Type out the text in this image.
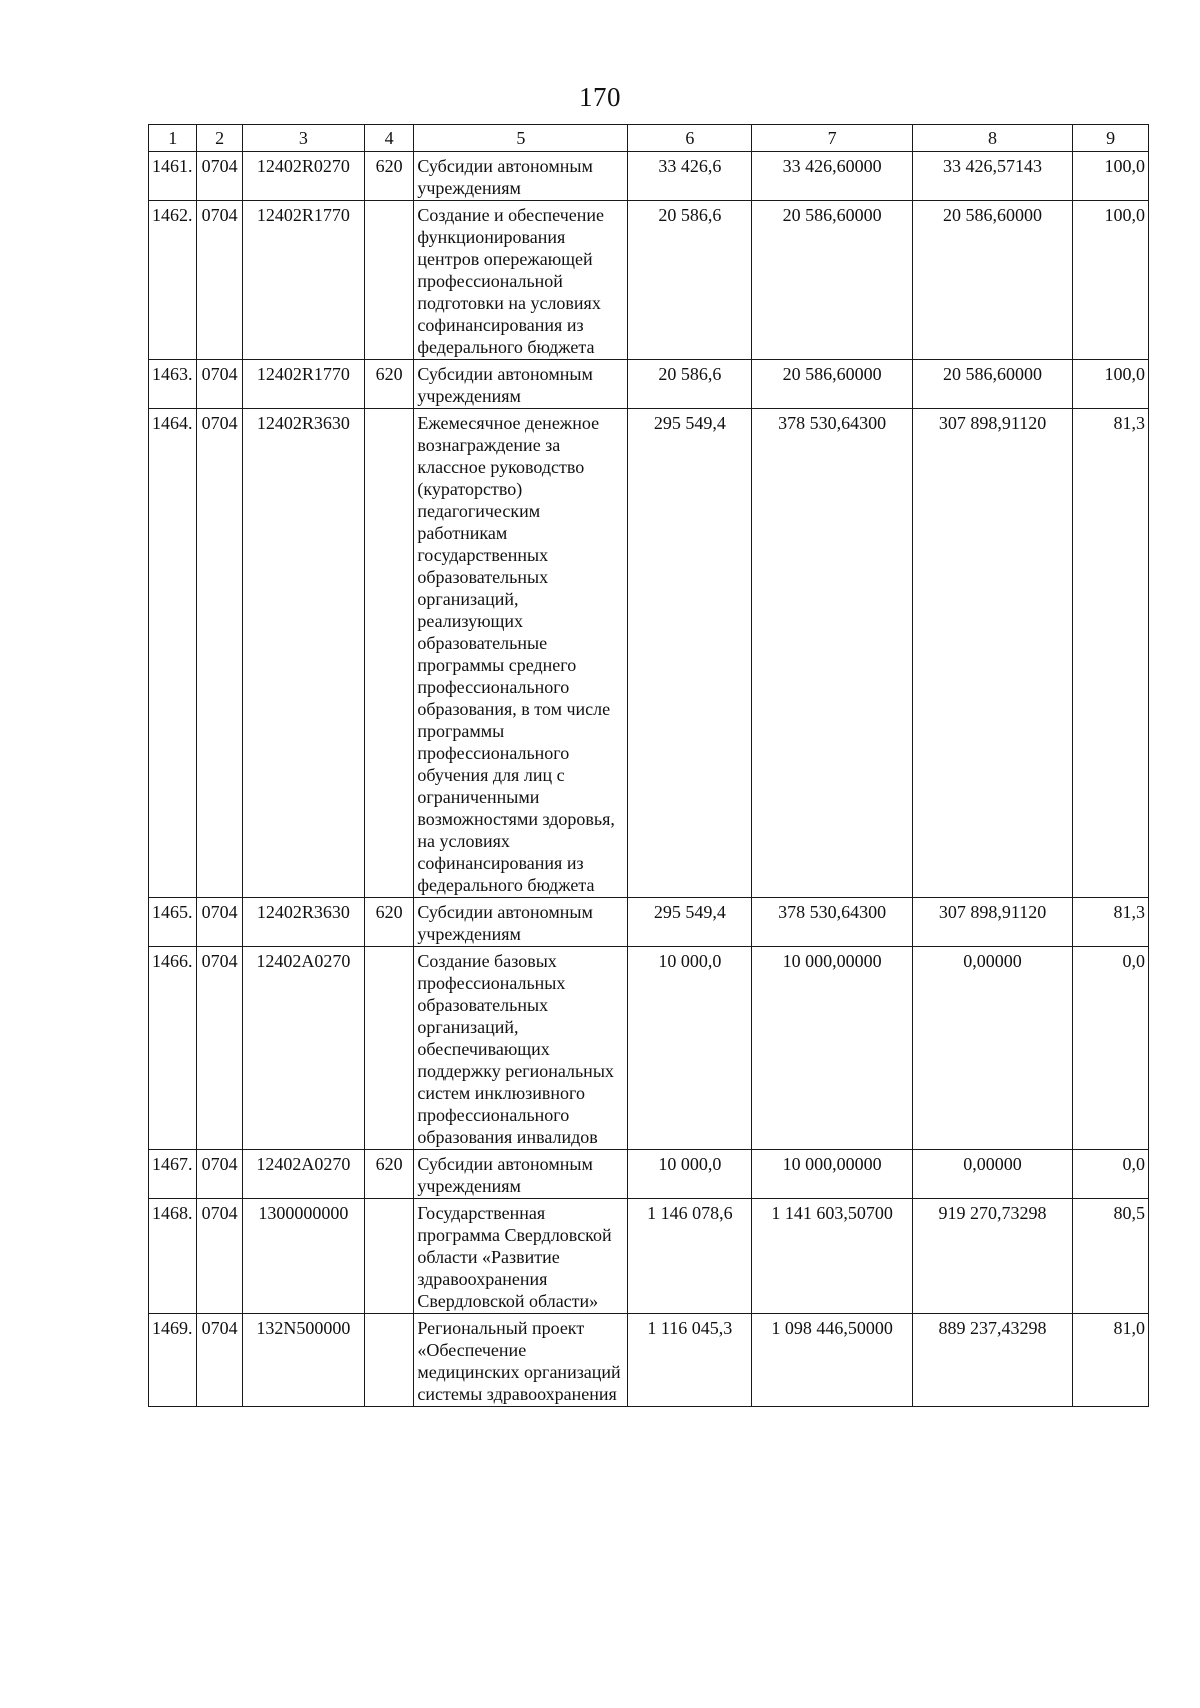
170
1	2	3	4	5	6	7	8	9
1461.	0704	12402R0270	620	Субсидии автономным учреждениям	33 426,6	33 426,60000	33 426,57143	100,0
1462.	0704	12402R1770		Создание и обеспечение функционирования центров опережающей профессиональной подготовки на условиях софинансирования из федерального бюджета	20 586,6	20 586,60000	20 586,60000	100,0
1463.	0704	12402R1770	620	Субсидии автономным учреждениям	20 586,6	20 586,60000	20 586,60000	100,0
1464.	0704	12402R3630		Ежемесячное денежное вознаграждение за классное руководство (кураторство) педагогическим работникам государственных образовательных организаций, реализующих образовательные программы среднего профессионального образования, в том числе программы профессионального обучения для лиц с ограниченными возможностями здоровья, на условиях софинансирования из федерального бюджета	295 549,4	378 530,64300	307 898,91120	81,3
1465.	0704	12402R3630	620	Субсидии автономным учреждениям	295 549,4	378 530,64300	307 898,91120	81,3
1466.	0704	12402A0270		Создание базовых профессиональных образовательных организаций, обеспечивающих поддержку региональных систем инклюзивного профессионального образования инвалидов	10 000,0	10 000,00000	0,00000	0,0
1467.	0704	12402A0270	620	Субсидии автономным учреждениям	10 000,0	10 000,00000	0,00000	0,0
1468.	0704	1300000000		Государственная программа Свердловской области «Развитие здравоохранения Свердловской области»	1 146 078,6	1 141 603,50700	919 270,73298	80,5
1469.	0704	132N500000		Региональный проект «Обеспечение медицинских организаций системы здравоохранения	1 116 045,3	1 098 446,50000	889 237,43298	81,0
